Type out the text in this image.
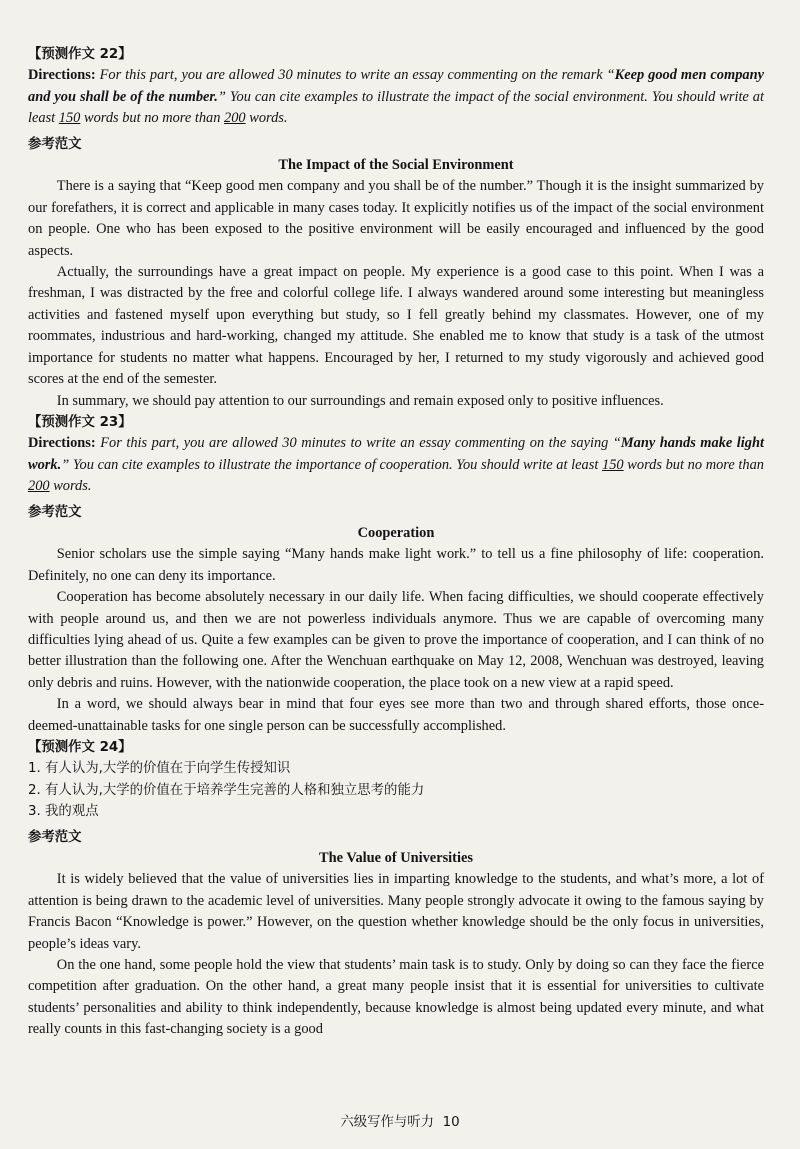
【预测作文 22】

Directions: For this part, you are allowed 30 minutes to write an essay commenting on the remark “Keep good men company and you shall be of the number.” You can cite examples to illustrate the impact of the social environment. You should write at least 150 words but no more than 200 words.

参考范文

The Impact of the Social Environment

There is a saying that “Keep good men company and you shall be of the number.” Though it is the insight summarized by our forefathers, it is correct and applicable in many cases today. It explicitly notifies us of the impact of the social environment on people. One who has been exposed to the positive environment will be easily encouraged and influenced by the good aspects.

Actually, the surroundings have a great impact on people. My experience is a good case to this point. When I was a freshman, I was distracted by the free and colorful college life. I always wandered around some interesting but meaningless activities and fastened myself upon everything but study, so I fell greatly behind my classmates. However, one of my roommates, industrious and hard-working, changed my attitude. She enabled me to know that study is a task of the utmost importance for students no matter what happens. Encouraged by her, I returned to my study vigorously and achieved good scores at the end of the semester.

In summary, we should pay attention to our surroundings and remain exposed only to positive influences.

【预测作文 23】

Directions: For this part, you are allowed 30 minutes to write an essay commenting on the saying “Many hands make light work.” You can cite examples to illustrate the importance of cooperation. You should write at least 150 words but no more than 200 words.

参考范文

Cooperation

Senior scholars use the simple saying “Many hands make light work.” to tell us a fine philosophy of life: cooperation. Definitely, no one can deny its importance.

Cooperation has become absolutely necessary in our daily life. When facing difficulties, we should cooperate effectively with people around us, and then we are not powerless individuals anymore. Thus we are capable of overcoming many difficulties lying ahead of us. Quite a few examples can be given to prove the importance of cooperation, and I can think of no better illustration than the following one. After the Wenchuan earthquake on May 12, 2008, Wenchuan was destroyed, leaving only debris and ruins. However, with the nationwide cooperation, the place took on a new view at a rapid speed.

In a word, we should always bear in mind that four eyes see more than two and through shared efforts, those once-deemed-unattainable tasks for one single person can be successfully accomplished.

【预测作文 24】

1. 有人认为,大学的价值在于向学生传授知识

2. 有人认为,大学的价值在于培养学生完善的人格和独立思考的能力

3. 我的观点

参考范文

The Value of Universities

It is widely believed that the value of universities lies in imparting knowledge to the students, and what’s more, a lot of attention is being drawn to the academic level of universities. Many people strongly advocate it owing to the famous saying by Francis Bacon “Knowledge is power.” However, on the question whether knowledge should be the only focus in universities, people’s ideas vary.

On the one hand, some people hold the view that students’ main task is to study. Only by doing so can they face the fierce competition after graduation. On the other hand, a great many people insist that it is essential for universities to cultivate students’ personalities and ability to think independently, because knowledge is almost being updated every minute, and what really counts in this fast-changing society is a good

六级写作与听力 10
